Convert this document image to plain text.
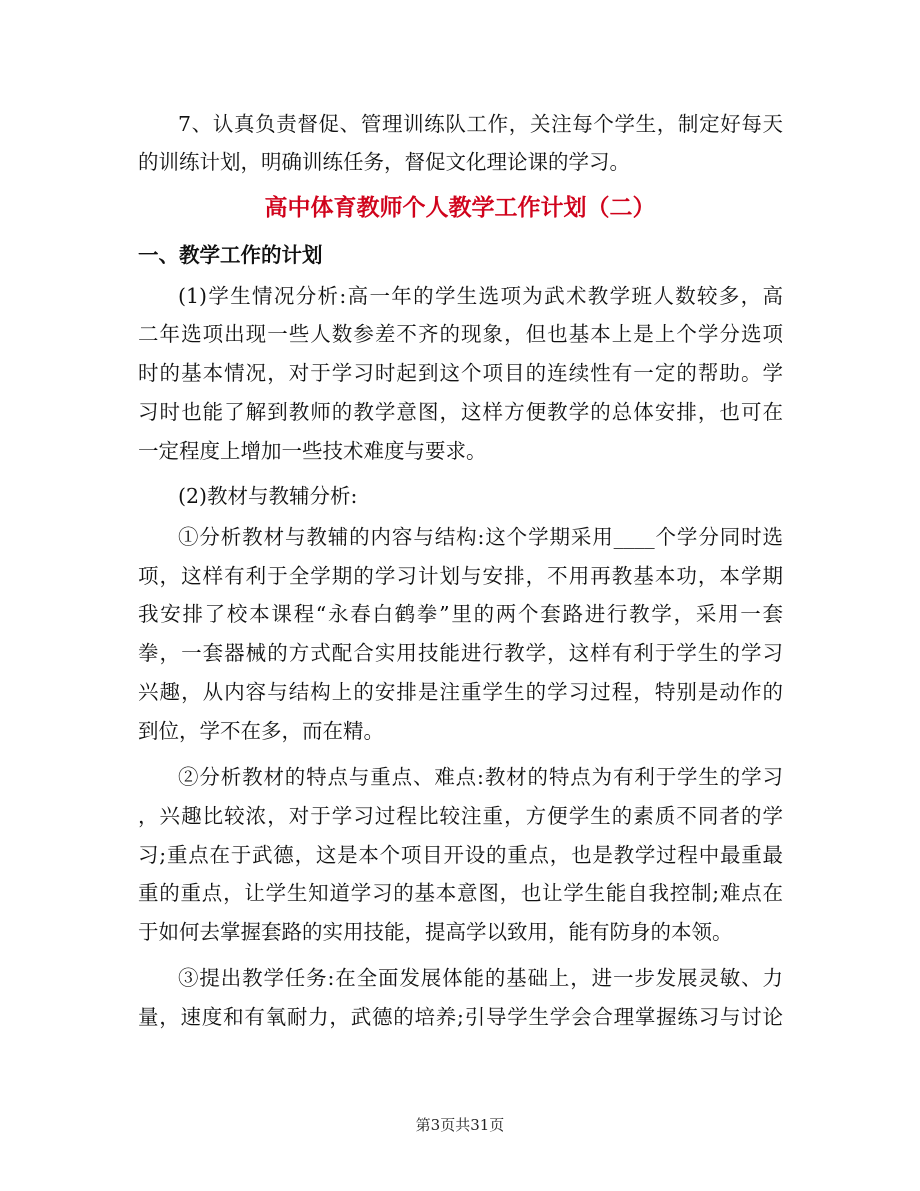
7、认真负责督促、管理训练队工作，关注每个学生，制定好每天
的训练计划，明确训练任务，督促文化理论课的学习。
高中体育教师个人教学工作计划（二）
一、教学工作的计划
(1)学生情况分析:高一年的学生选项为武术教学班人数较多，高
二年选项出现一些人数参差不齐的现象，但也基本上是上个学分选项
时的基本情况，对于学习时起到这个项目的连续性有一定的帮助。学
习时也能了解到教师的教学意图，这样方便教学的总体安排，也可在
一定程度上增加一些技术难度与要求。
(2)教材与教辅分析:
①分析教材与教辅的内容与结构:这个学期采用____个学分同时选
项，这样有利于全学期的学习计划与安排，不用再教基本功，本学期
我安排了校本课程“永春白鹤拳”里的两个套路进行教学，采用一套
拳，一套器械的方式配合实用技能进行教学，这样有利于学生的学习
兴趣，从内容与结构上的安排是注重学生的学习过程，特别是动作的
到位，学不在多，而在精。
②分析教材的特点与重点、难点:教材的特点为有利于学生的学习
，兴趣比较浓，对于学习过程比较注重，方便学生的素质不同者的学
习;重点在于武德，这是本个项目开设的重点，也是教学过程中最重最
重的重点，让学生知道学习的基本意图，也让学生能自我控制;难点在
于如何去掌握套路的实用技能，提高学以致用，能有防身的本领。
③提出教学任务:在全面发展体能的基础上，进一步发展灵敏、力
量，速度和有氧耐力，武德的培养;引导学生学会合理掌握练习与讨论
第3页共31页
